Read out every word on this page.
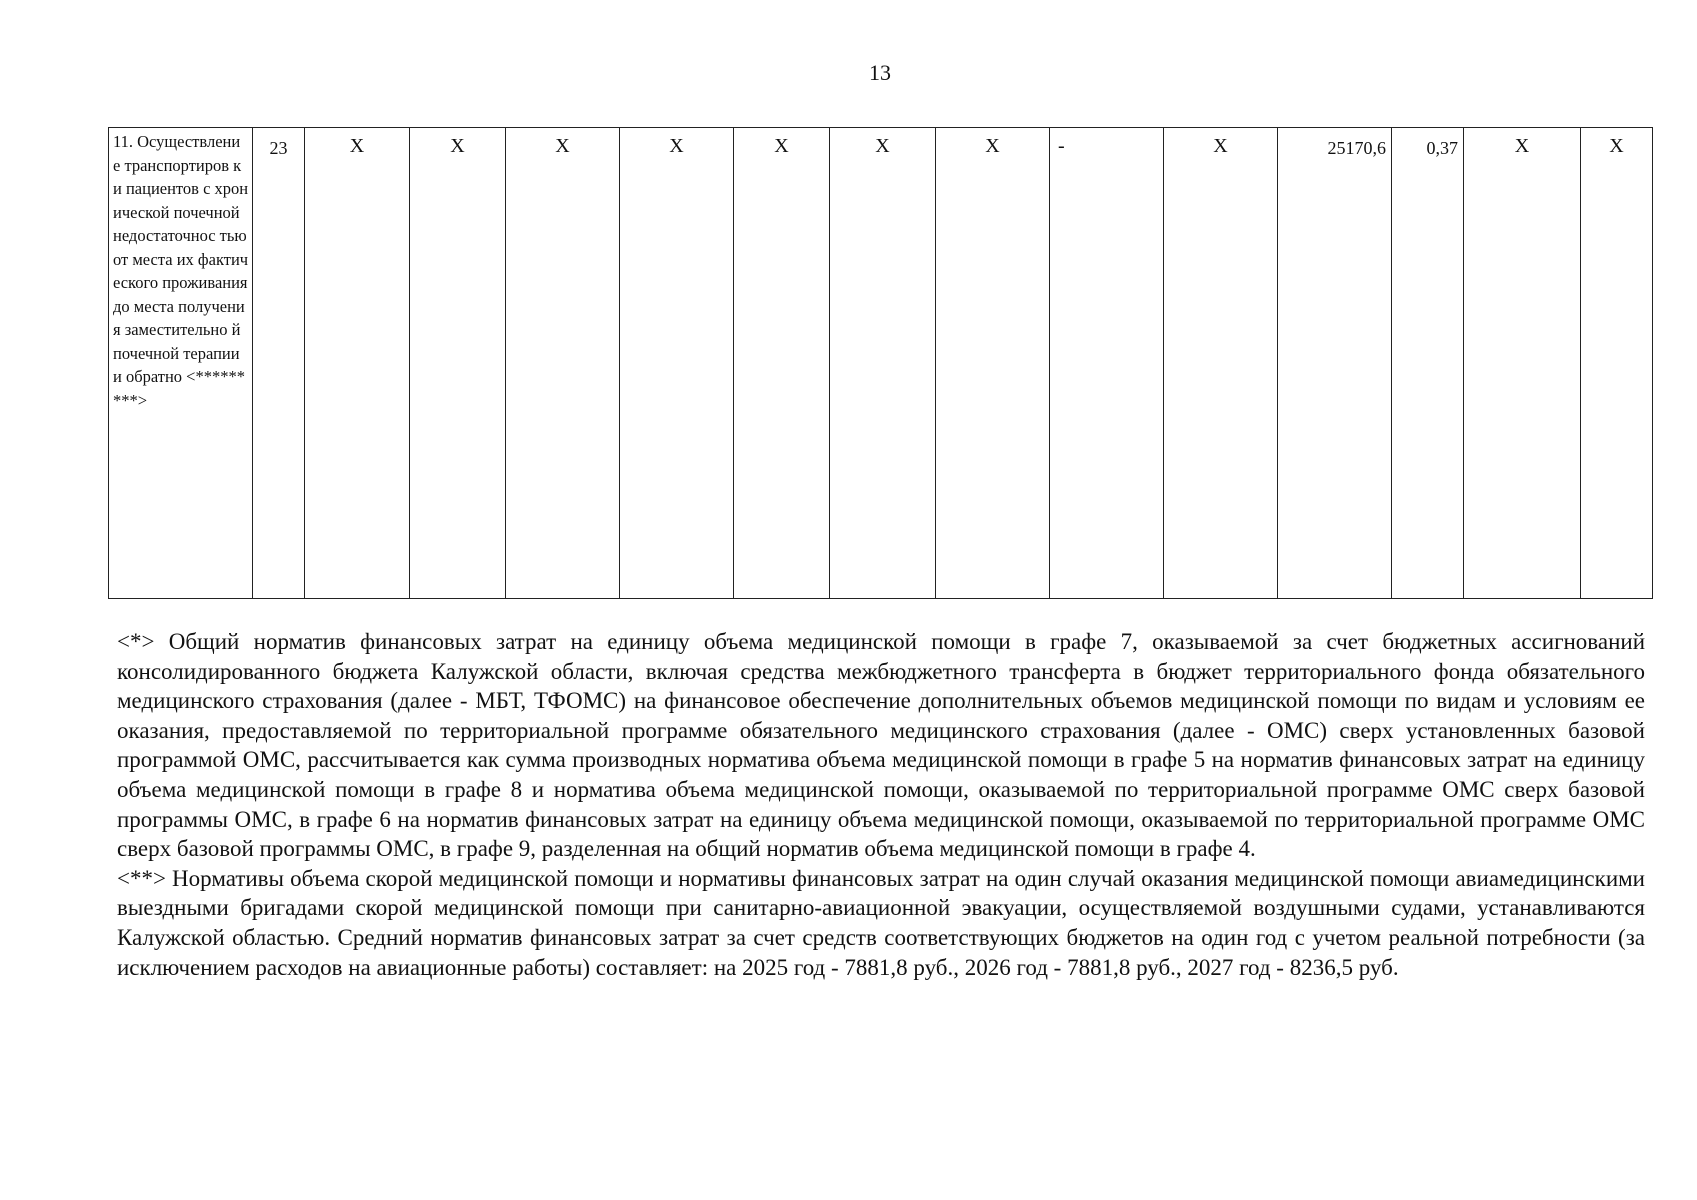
13
11. Осуществлени е транспортиров ки пациентов с хронической почечной недостаточнос тью от места их фактического проживания до места получения заместительно й почечной терапии и обратно <*********>	23	X	X	X	X	X	X	X	-	X	25170,6	0,37	X	X

<*> Общий норматив финансовых затрат на единицу объема медицинской помощи в графе 7, оказываемой за счет бюджетных ассигнований консолидированного бюджета Калужской области, включая средства межбюджетного трансферта в бюджет территориального фонда обязательного медицинского страхования (далее - МБТ, ТФОМС) на финансовое обеспечение дополнительных объемов медицинской помощи по видам и условиям ее оказания, предоставляемой по территориальной программе обязательного медицинского страхования (далее - ОМС) сверх установленных базовой программой ОМС, рассчитывается как сумма производных норматива объема медицинской помощи в графе 5 на норматив финансовых затрат на единицу объема медицинской помощи в графе 8 и норматива объема медицинской помощи, оказываемой по территориальной программе ОМС сверх базовой программы ОМС, в графе 6 на норматив финансовых затрат на единицу объема медицинской помощи, оказываемой по территориальной программе ОМС сверх базовой программы ОМС, в графе 9, разделенная на общий норматив объема медицинской помощи в графе 4.

<**> Нормативы объема скорой медицинской помощи и нормативы финансовых затрат на один случай оказания медицинской помощи авиамедицинскими выездными бригадами скорой медицинской помощи при санитарно-авиационной эвакуации, осуществляемой воздушными судами, устанавливаются Калужской областью. Средний норматив финансовых затрат за счет средств соответствующих бюджетов на один год с учетом реальной потребности (за исключением расходов на авиационные работы) составляет: на 2025 год - 7881,8 руб., 2026 год - 7881,8 руб., 2027 год - 8236,5 руб.
